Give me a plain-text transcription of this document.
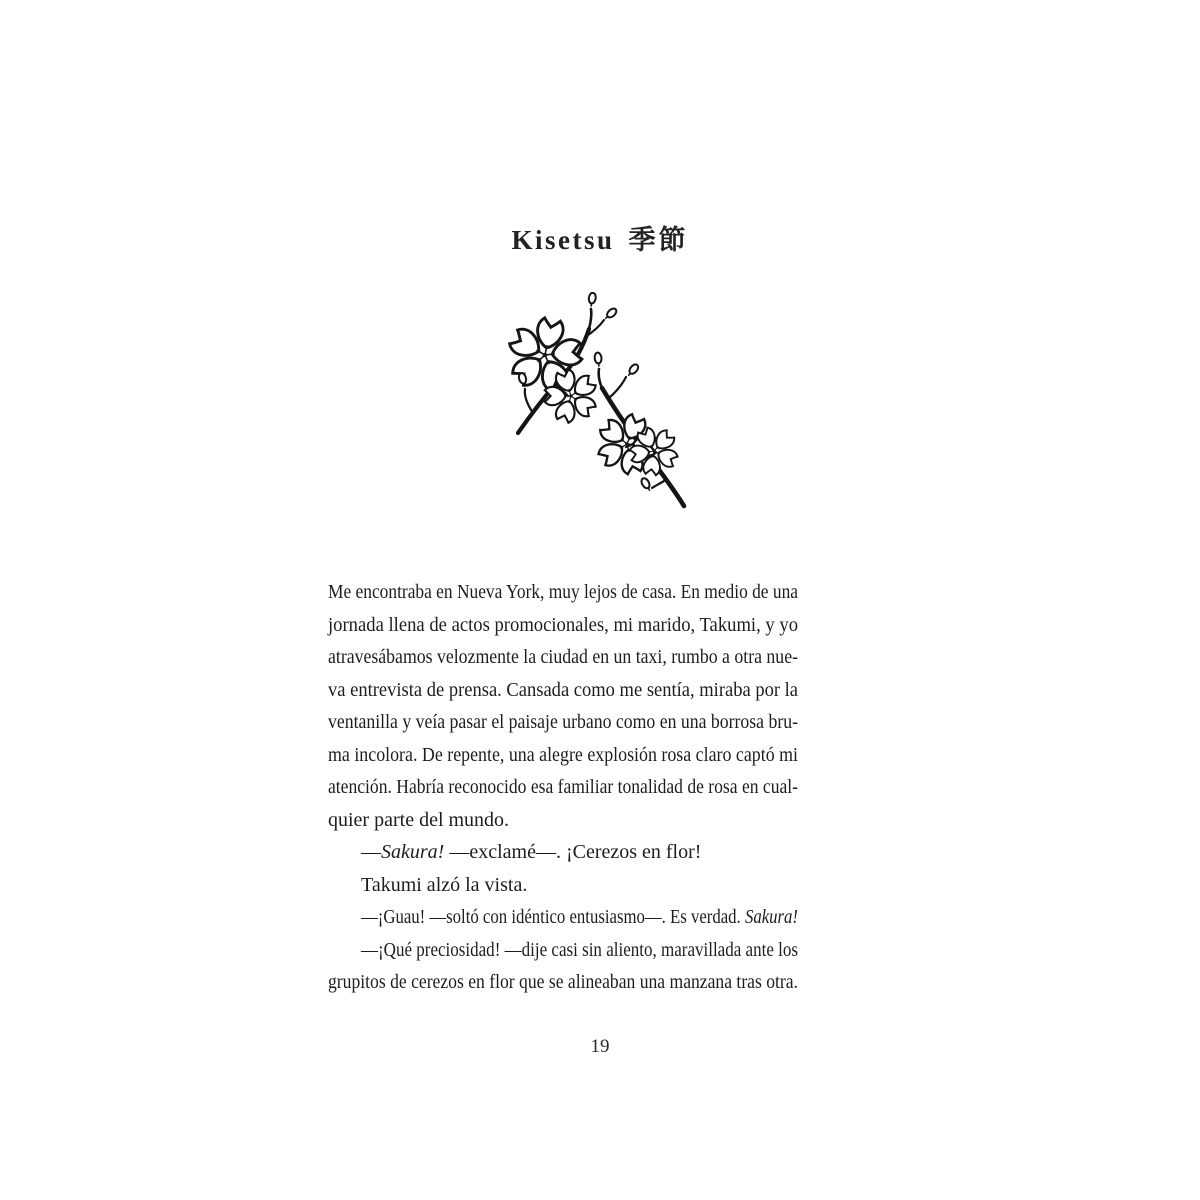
Kisetsu 季節
Me encontraba en Nueva York, muy lejos de casa. En medio de una
jornada llena de actos promocionales, mi marido, Takumi, y yo
atravesábamos velozmente la ciudad en un taxi, rumbo a otra nue-
va entrevista de prensa. Cansada como me sentía, miraba por la
ventanilla y veía pasar el paisaje urbano como en una borrosa bru-
ma incolora. De repente, una alegre explosión rosa claro captó mi
atención. Habría reconocido esa familiar tonalidad de rosa en cual-
quier parte del mundo.
—Sakura! —exclamé—. ¡Cerezos en flor!
Takumi alzó la vista.
—¡Guau! —soltó con idéntico entusiasmo—. Es verdad. Sakura!
—¡Qué preciosidad! —dije casi sin aliento, maravillada ante los
grupitos de cerezos en flor que se alineaban una manzana tras otra.
19
